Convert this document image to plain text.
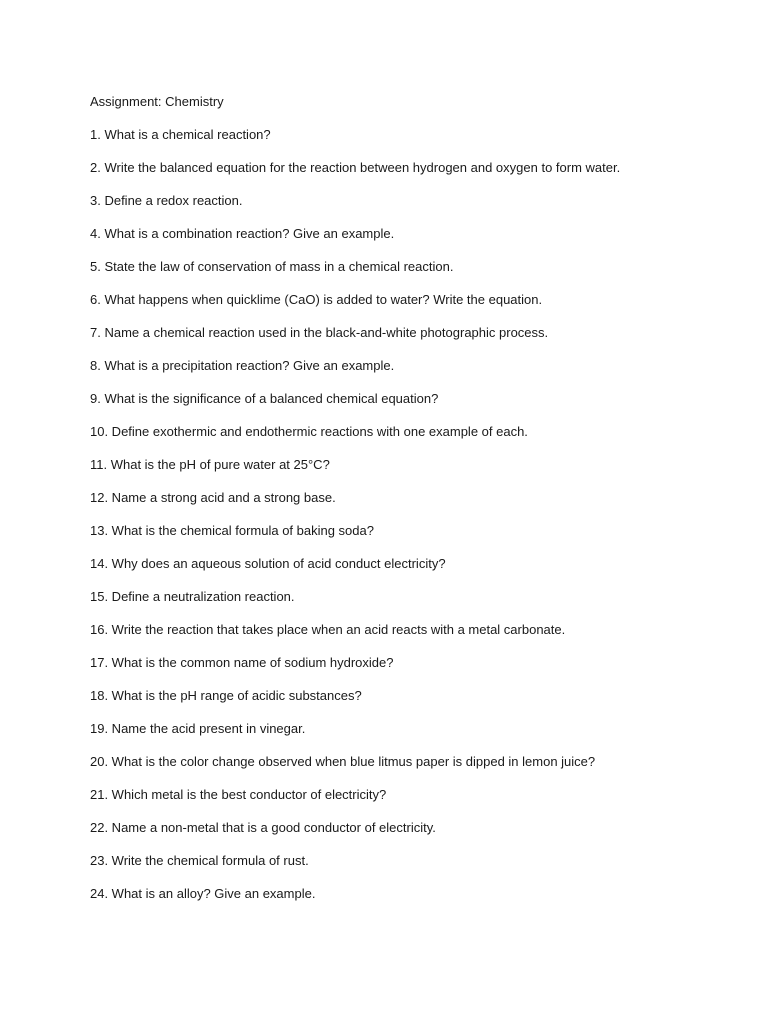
Assignment: Chemistry

1. What is a chemical reaction?
2. Write the balanced equation for the reaction between hydrogen and oxygen to form water.
3. Define a redox reaction.
4. What is a combination reaction? Give an example.
5. State the law of conservation of mass in a chemical reaction.
6. What happens when quicklime (CaO) is added to water? Write the equation.
7. Name a chemical reaction used in the black-and-white photographic process.
8. What is a precipitation reaction? Give an example.
9. What is the significance of a balanced chemical equation?
10. Define exothermic and endothermic reactions with one example of each.
11. What is the pH of pure water at 25°C?
12. Name a strong acid and a strong base.
13. What is the chemical formula of baking soda?
14. Why does an aqueous solution of acid conduct electricity?
15. Define a neutralization reaction.
16. Write the reaction that takes place when an acid reacts with a metal carbonate.
17. What is the common name of sodium hydroxide?
18. What is the pH range of acidic substances?
19. Name the acid present in vinegar.
20. What is the color change observed when blue litmus paper is dipped in lemon juice?
21. Which metal is the best conductor of electricity?
22. Name a non-metal that is a good conductor of electricity.
23. Write the chemical formula of rust.
24. What is an alloy? Give an example.
